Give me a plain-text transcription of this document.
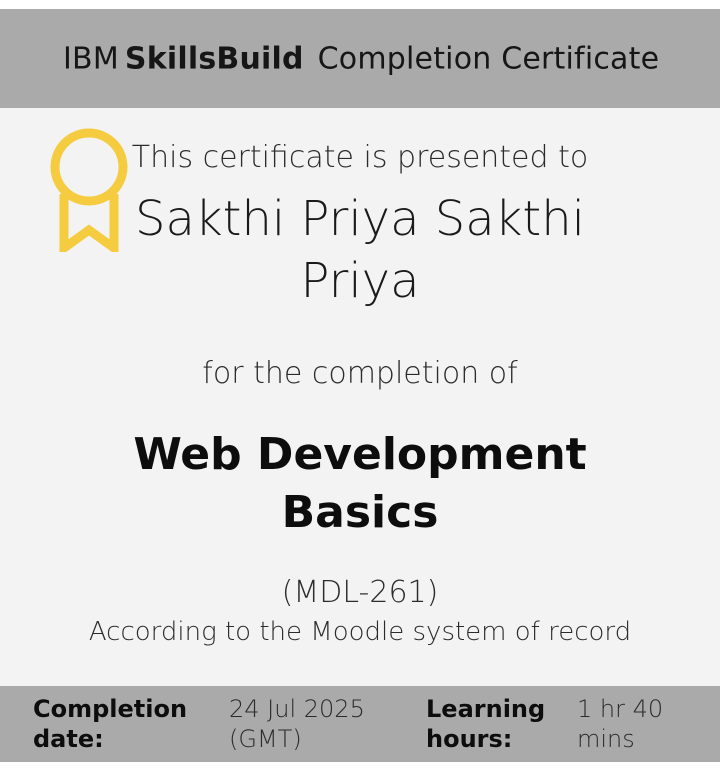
IBM SkillsBuild Completion Certificate
This certificate is presented to
Sakthi Priya Sakthi Priya
for the completion of
Web Development Basics
(MDL-261)
According to the Moodle system of record
Completion date:
24 Jul 2025 (GMT)
Learning hours:
1 hr 40 mins
